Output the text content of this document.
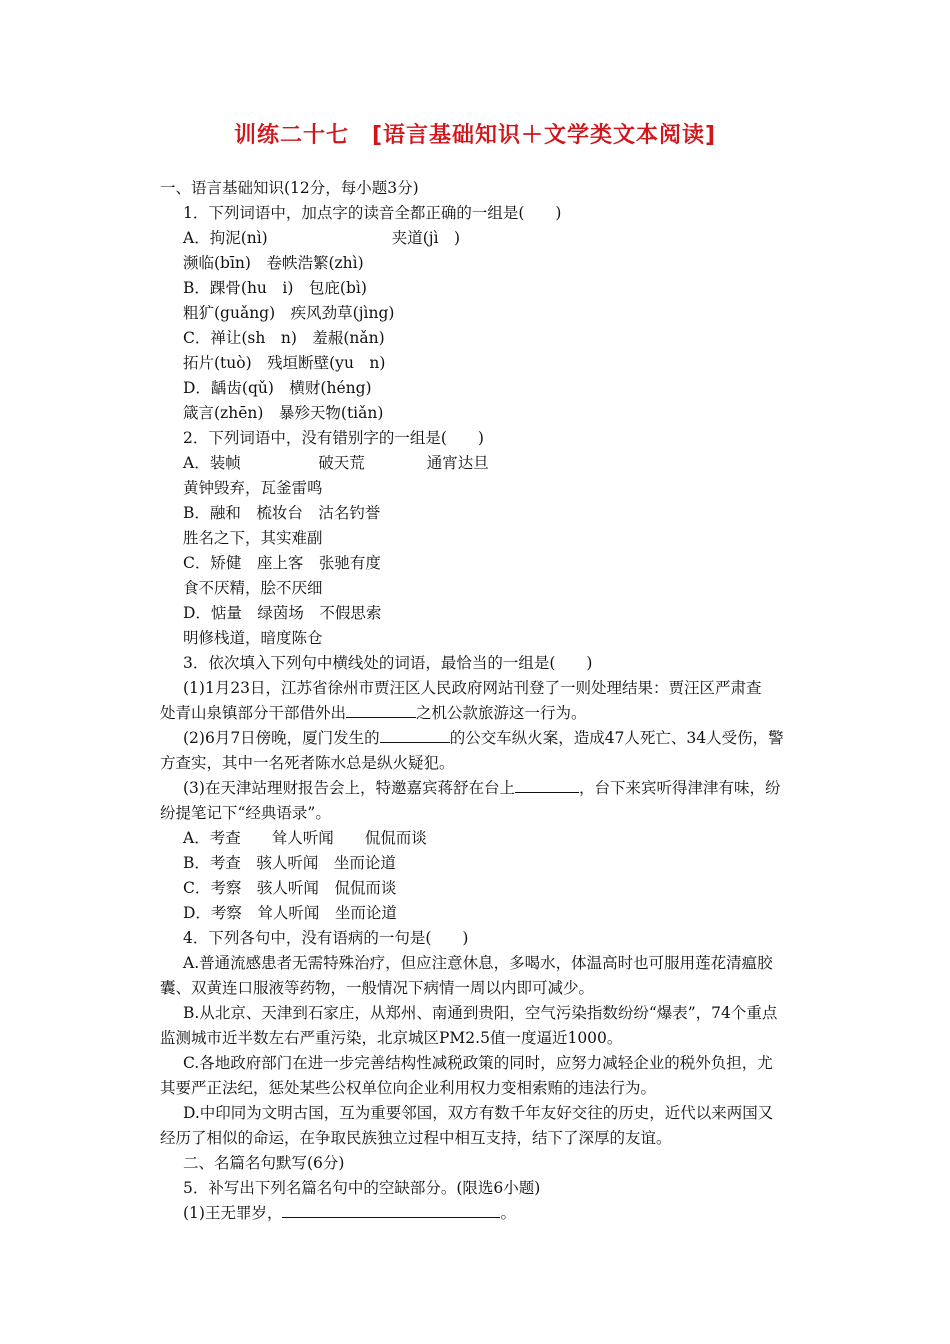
训练二十七　[语言基础知识＋文学类文本阅读]
一、语言基础知识(12分，每小题3分)
1．下列词语中，加点字的读音全都正确的一组是(　　)
A．拘泥(nì)　　　　　　　　夹道(jì　)
濒临(bīn)　卷帙浩繁(zhì)
B．踝骨(hu　i)　包庇(bì)
粗犷(guǎng)　疾风劲草(jìng)
C．禅让(sh　n)　羞赧(nǎn)
拓片(tuò)　残垣断壁(yu　n)
D．龋齿(qǔ)　横财(héng)
箴言(zhēn)　暴殄天物(tiǎn)
2．下列词语中，没有错别字的一组是(　　)
A．装帧　　　　　破天荒　　　　通宵达旦
黄钟毁弃，瓦釜雷鸣
B．融和　梳妆台　沽名钓誉
胜名之下，其实难副
C．矫健　座上客　张驰有度
食不厌精，脍不厌细
D．惦量　绿茵场　不假思索
明修栈道，暗度陈仓
3．依次填入下列句中横线处的词语，最恰当的一组是(　　)
(1)1月23日，江苏省徐州市贾汪区人民政府网站刊登了一则处理结果：贾汪区严肃查
处青山泉镇部分干部借外出	之机公款旅游这一行为。
(2)6月7日傍晚，厦门发生的	的公交车纵火案，造成47人死亡、34人受伤，警
方查实，其中一名死者陈水总是纵火疑犯。
(3)在天津站理财报告会上，特邀嘉宾蒋舒在台上	，台下来宾听得津津有味，纷
纷提笔记下“经典语录”。
A．考查　　耸人听闻　　侃侃而谈
B．考查　骇人听闻　坐而论道
C．考察　骇人听闻　侃侃而谈
D．考察　耸人听闻　坐而论道
4．下列各句中，没有语病的一句是(　　)
A.普通流感患者无需特殊治疗，但应注意休息，多喝水，体温高时也可服用莲花清瘟胶
囊、双黄连口服液等药物，一般情况下病情一周以内即可减少。
B.从北京、天津到石家庄，从郑州、南通到贵阳，空气污染指数纷纷“爆表”，74个重点
监测城市近半数左右严重污染，北京城区PM2.5值一度逼近1000。
C.各地政府部门在进一步完善结构性减税政策的同时，应努力减轻企业的税外负担，尤
其要严正法纪，惩处某些公权单位向企业利用权力变相索贿的违法行为。
D.中印同为文明古国，互为重要邻国，双方有数千年友好交往的历史，近代以来两国又
经历了相似的命运，在争取民族独立过程中相互支持，结下了深厚的友谊。
二、名篇名句默写(6分)
5．补写出下列名篇名句中的空缺部分。(限选6小题)
(1)王无罪岁，	。
